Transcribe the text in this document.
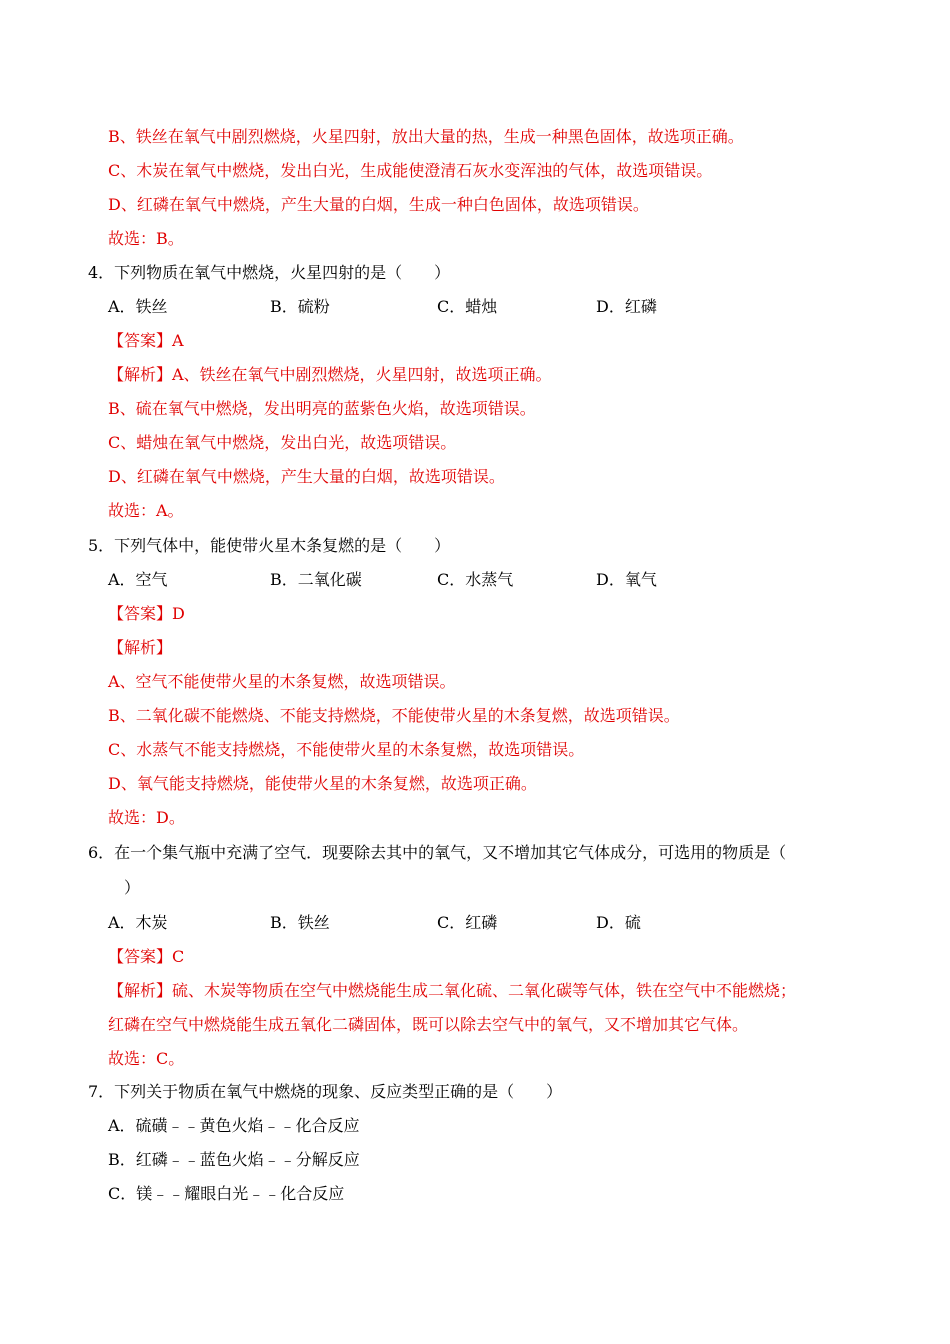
B、铁丝在氧气中剧烈燃烧，火星四射，放出大量的热，生成一种黑色固体，故选项正确。
C、木炭在氧气中燃烧，发出白光，生成能使澄清石灰水变浑浊的气体，故选项错误。
D、红磷在氧气中燃烧，产生大量的白烟，生成一种白色固体，故选项错误。
故选：B。
4．下列物质在氧气中燃烧，火星四射的是（　　）
A．铁丝	B．硫粉	C．蜡烛	D．红磷
【答案】A
【解析】A、铁丝在氧气中剧烈燃烧，火星四射，故选项正确。
B、硫在氧气中燃烧，发出明亮的蓝紫色火焰，故选项错误。
C、蜡烛在氧气中燃烧，发出白光，故选项错误。
D、红磷在氧气中燃烧，产生大量的白烟，故选项错误。
故选：A。
5．下列气体中，能使带火星木条复燃的是（　　）
A．空气	B．二氧化碳	C．水蒸气	D．氧气
【答案】D
【解析】
A、空气不能使带火星的木条复燃，故选项错误。
B、二氧化碳不能燃烧、不能支持燃烧，不能使带火星的木条复燃，故选项错误。
C、水蒸气不能支持燃烧，不能使带火星的木条复燃，故选项错误。
D、氧气能支持燃烧，能使带火星的木条复燃，故选项正确。
故选：D。
6．在一个集气瓶中充满了空气．现要除去其中的氧气，又不增加其它气体成分，可选用的物质是（
）
A．木炭	B．铁丝	C．红磷	D．硫
【答案】C
【解析】硫、木炭等物质在空气中燃烧能生成二氧化硫、二氧化碳等气体，铁在空气中不能燃烧；
红磷在空气中燃烧能生成五氧化二磷固体，既可以除去空气中的氧气，又不增加其它气体。
故选：C。
7．下列关于物质在氧气中燃烧的现象、反应类型正确的是（　　）
A．硫磺﹣﹣黄色火焰﹣﹣化合反应
B．红磷﹣﹣蓝色火焰﹣﹣分解反应
C．镁﹣﹣耀眼白光﹣﹣化合反应
